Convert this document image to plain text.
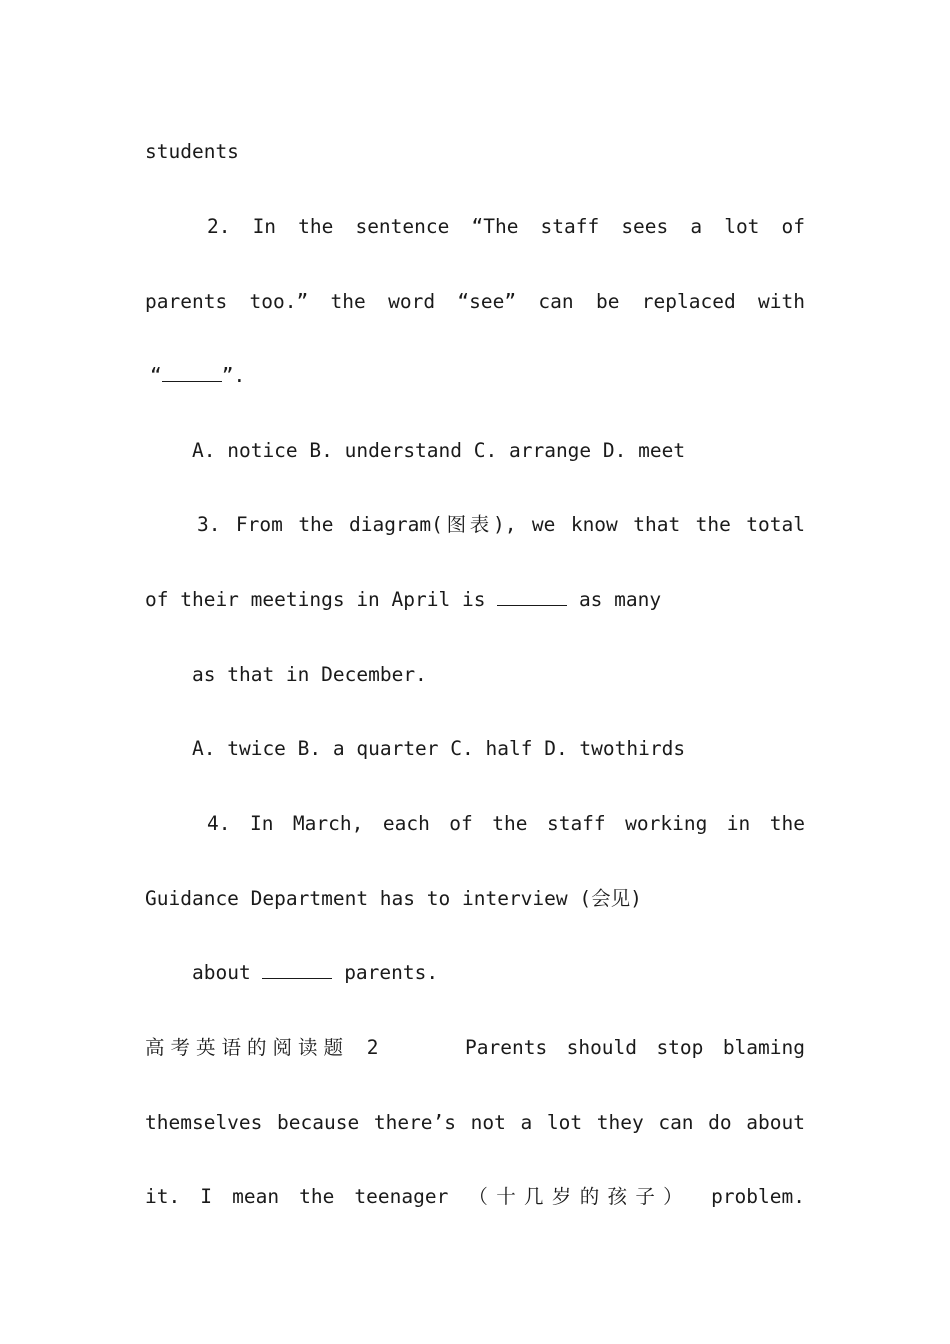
students
2. In the sentence “The staff sees a lot of
parents too.” the word “see” can be replaced with
“	”.
A. notice B. understand C. arrange D. meet
3. From the diagram(图表), we know that the total
of their meetings in April is	as many
as that in December.
A. twice B. a quarter C. half D. twothirds
4. In March, each of the staff working in the
Guidance Department has to interview (会见)
about	parents.
高考英语的阅读题 2	Parents should stop blaming
themselves because there’s not a lot they can do about
it. I mean the teenager （十几岁的孩子） problem.
